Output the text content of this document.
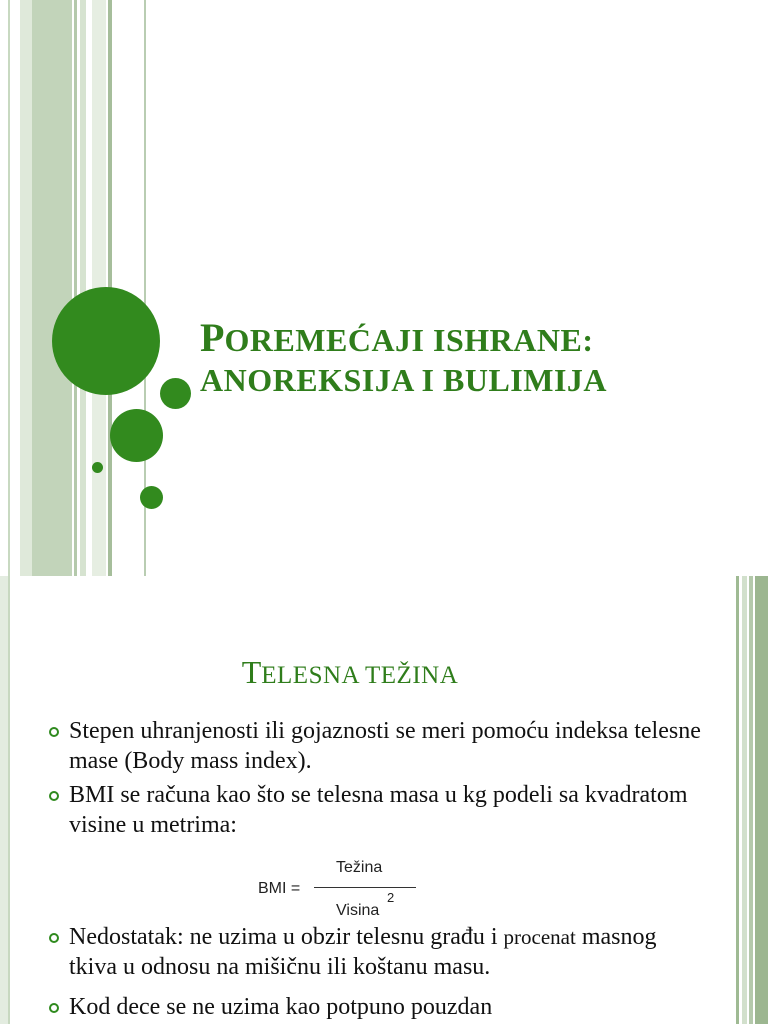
POREMEĆAJI ISHRANE:
ANOREKSIJA I BULIMIJA
TELESNA TEŽINA
Stepen uhranjenosti ili gojaznosti se meri pomoću indeksa telesne mase (Body mass index).
BMI se računa kao što se telesna masa u kg podeli sa kvadratom visine u metrima:
Nedostatak: ne uzima u obzir telesnu građu i procenat masnog tkiva u odnosu na mišičnu ili koštanu masu.
Kod dece se ne uzima kao potpuno pouzdan
BMI =
Težina
Visina
2
